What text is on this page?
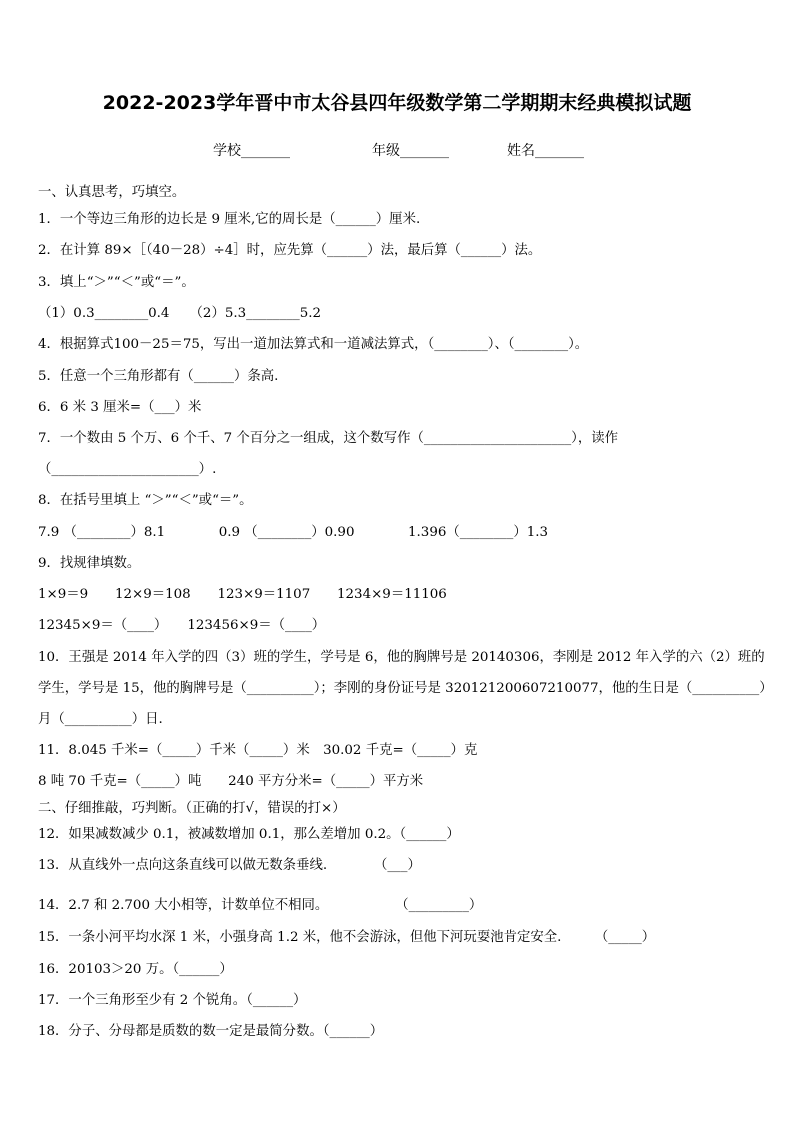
2022-2023学年晋中市太谷县四年级数学第二学期期末经典模拟试题
学校_______	年级_______	姓名_______
一、认真思考，巧填空。
1．一个等边三角形的边长是 9 厘米,它的周长是（______）厘米.
2．在计算 89×［（40－28）÷4］时，应先算（______）法，最后算（______）法。
3．填上“＞”“＜”或“＝”。
（1）0.3________0.4　　（2）5.3________5.2
4．根据算式100－25＝75，写出一道加法算式和一道减法算式，（________）、（________）。
5．任意一个三角形都有（______）条高.
6．6 米 3 厘米=（___）米
7．一个数由 5 个万、6 个千、7 个百分之一组成，这个数写作（______________________），读作
（______________________）.
8．在括号里填上 “＞”“＜”或“＝”。
7.9 （________）8.1　　　　0.9 （________）0.90　　　　1.396（________）1.3
9．找规律填数。
1×9＝9　　12×9＝108　　123×9＝1107　　1234×9＝11106
12345×9＝（____）　　123456×9＝（____）
10．王强是 2014 年入学的四（3）班的学生，学号是 6，他的胸牌号是 20140306，李刚是 2012 年入学的六（2）班的
学生，学号是 15，他的胸牌号是（__________）；李刚的身份证号是 320121200607210077，他的生日是（__________）
月（__________）日.
11．8.045 千米=（_____）千米（_____）米　30.02 千克=（_____）克
8 吨 70 千克=（_____）吨　　240 平方分米=（_____）平方米
二、仔细推敲，巧判断。（正确的打√，错误的打×）
12．如果减数减少 0.1，被减数增加 0.1，那么差增加 0.2。（______）
13．从直线外一点向这条直线可以做无数条垂线.　　　　（___）
14．2.7 和 2.700 大小相等，计数单位不相同。　　　　　　（_________）
15．一条小河平均水深 1 米，小强身高 1.2 米，他不会游泳，但他下河玩耍池肯定安全.　　　（_____）
16．20103＞20 万。（______）
17．一个三角形至少有 2 个锐角。（______）
18．分子、分母都是质数的数一定是最简分数。（______）
